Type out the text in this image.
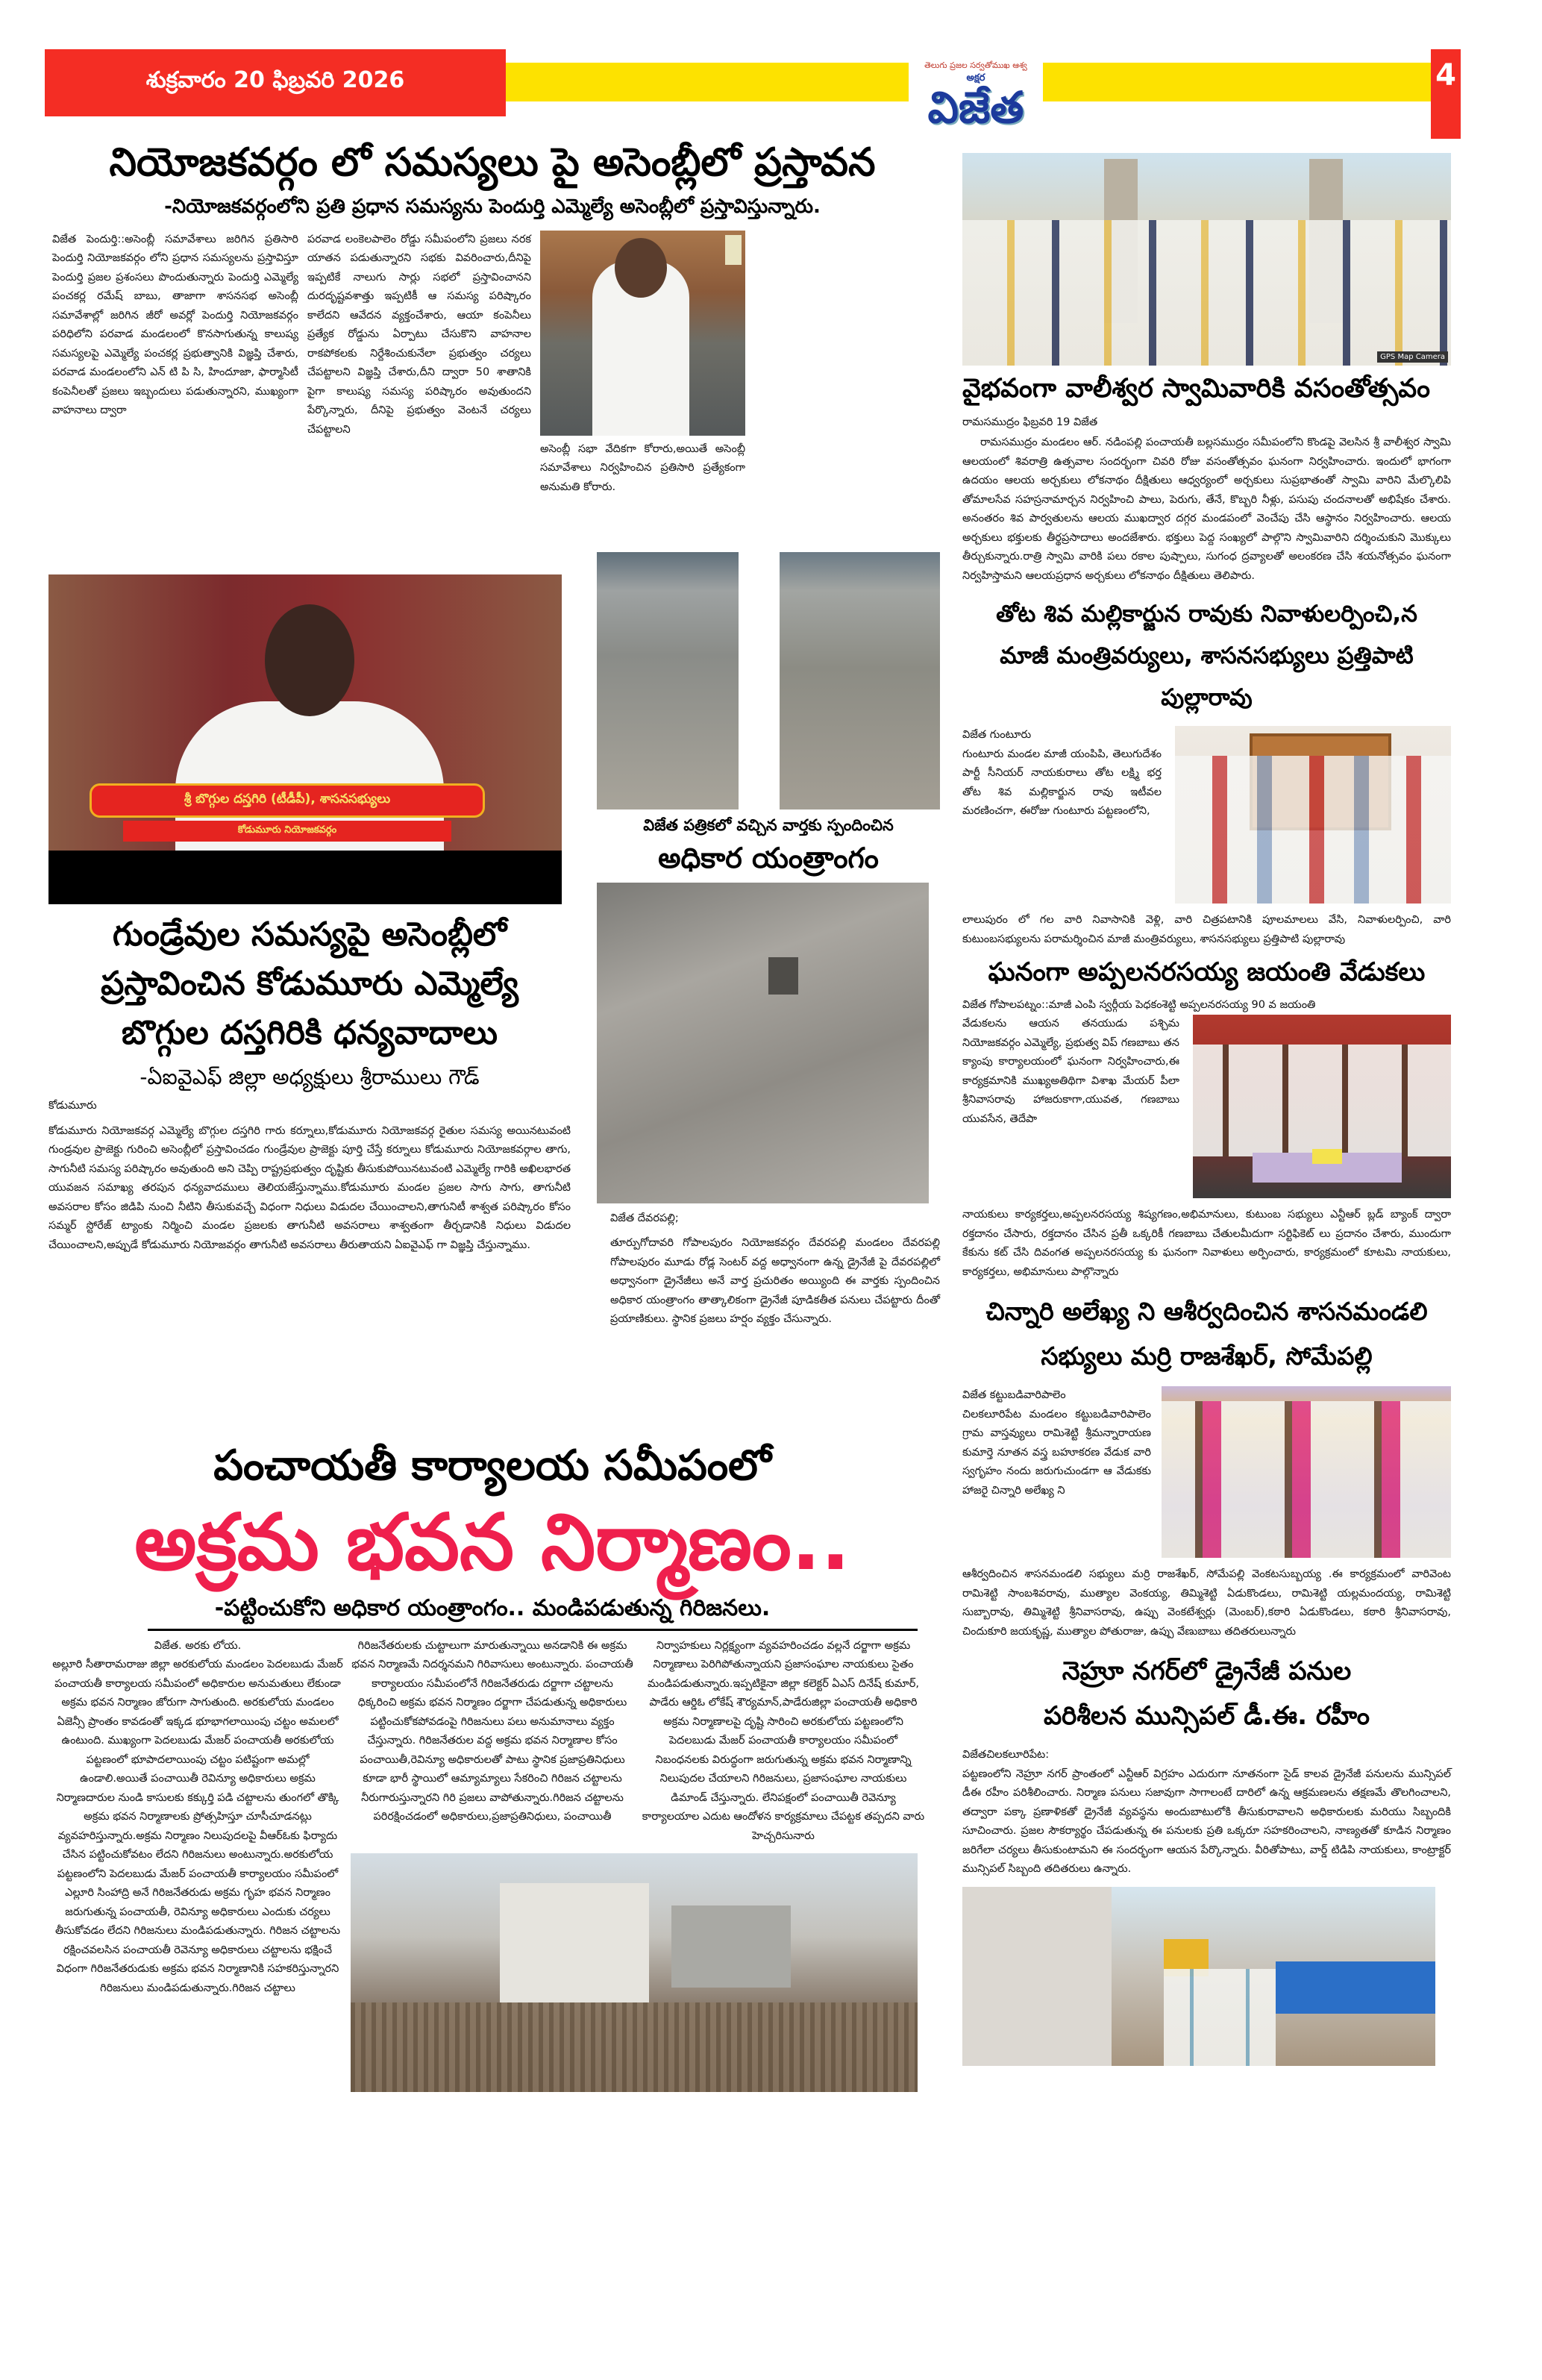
శుక్రవారం 20 ఫిబ్రవరి 2026
తెలుగు ప్రజల సర్వతోముఖ ఆశ్వ
అక్షర
విజేత
4
నియోజకవర్గం లో సమస్యలు పై అసెంబ్లీలో ప్రస్తావన
-నియోజకవర్గంలోని ప్రతి ప్రధాన సమస్యను పెందుర్తి ఎమ్మెల్యే అసెంబ్లీలో ప్రస్తావిస్తున్నారు.
విజేత పెందుర్తి::అసెంబ్లీ సమావేశాలు జరిగిన ప్రతిసారి పెందుర్తి నియోజకవర్గం లోని ప్రధాన సమస్యలను ప్రస్తావిస్తూ పెందుర్తి ప్రజల ప్రశంసలు పొందుతున్నారు పెందుర్తి ఎమ్మెల్యే పంచకర్ల రమేష్ బాబు, తాజాగా శాసనసభ అసెంబ్లీ సమావేశాల్లో జరిగిన జీరో అవర్లో పెందుర్తి నియోజకవర్గం పరిధిలోని పరవాడ మండలంలో కొనసాగుతున్న కాలుష్య సమస్యలపై ఎమ్మెల్యే పంచకర్ల ప్రభుత్వానికి విజ్ఞప్తి చేశారు, పరవాడ మండలంలోని ఎన్ టి పి సి, హిందూజా, ఫార్మాసిటీ కంపెనీలతో ప్రజలు ఇబ్బందులు పడుతున్నారని, ముఖ్యంగా వాహనాలు ద్వారా
పరవాడ లంకెలపాలెం రోడ్డు సమీపంలోని ప్రజలు నరక యాతన పడుతున్నారని సభకు వివరించారు,దీనిపై ఇప్పటికే నాలుగు సార్లు సభలో ప్రస్తావించానని దురదృష్టవశాత్తు ఇప్పటికీ ఆ సమస్య పరిష్కారం కాలేదని ఆవేదన వ్యక్తంచేశారు, ఆయా కంపెనీలు ప్రత్యేక రోడ్డును ఏర్పాటు చేసుకొని వాహనాల రాకపోకలకు నిర్దేశించుకునేలా ప్రభుత్వం చర్యలు చేపట్టాలని విజ్ఞప్తి చేశారు,దీని ద్వారా 50 శాతానికి పైగా కాలుష్య సమస్య పరిష్కారం అవుతుందని పేర్కొన్నారు, దీనిపై ప్రభుత్వం వెంటనే చర్యలు చేపట్టాలని
అసెంబ్లీ సభా వేదికగా కోరారు,అయితే అసెంబ్లీ సమావేశాలు నిర్వహించిన ప్రతిసారి ప్రత్యేకంగా అనుమతి కోరారు.
శ్రీ బొగ్గుల దస్తగిరి (టీడీపీ), శాసనసభ్యులు
కోడుమూరు నియోజకవర్గం
గుండ్రేవుల సమస్యపై అసెంబ్లీలో
ప్రస్తావించిన కోడుమూరు ఎమ్మెల్యే
బొగ్గుల దస్తగిరికి ధన్యవాదాలు
-ఏఐవైఎఫ్ జిల్లా అధ్యక్షులు శ్రీరాములు గౌడ్
కోడుమూరు
కోడుమూరు నియోజకవర్గ ఎమ్మెల్యే బొగ్గుల దస్తగిరి గారు కర్నూలు,కోడుమూరు నియోజకవర్గ రైతుల సమస్య అయినటువంటి గుండ్రవుల ప్రాజెక్టు గురించి అసెంబ్లీలో ప్రస్తావించడం గుండ్రేవుల ప్రాజెక్టు పూర్తి చేస్తే కర్నూలు కోడుమూరు నియోజకవర్గాల తాగు, సాగునీటి సమస్య పరిష్కారం అవుతుంది అని చెప్పి రాష్ట్రప్రభుత్వం దృష్టికు తీసుకుపోయినటువంటి ఎమ్మెల్యే గారికి అఖిలభారత యువజన సమాఖ్య తరపున ధన్యవాదములు తెలియజేస్తున్నాము.కోడుమూరు మండల ప్రజల సాగు సాగు, తాగునీటి అవసరాల కోసం జిడిపి నుంచి నీటిని తీసుకువచ్చే విధంగా నిధులు విడుదల చేయించాలని,తాగునిటీ శాశ్వత పరిష్కారం కోసం సమ్మర్ స్టోరేజ్ ట్యాంకు నిర్మించి మండల ప్రజలకు తాగునీటి అవసరాలు శాశ్వతంగా తీర్చడానికి నిధులు విడుదల చేయించాలని,అప్పుడే కోడుమూరు నియోజవర్గం తాగునీటి అవసరాలు తీరుతాయని ఏఐవైఎఫ్ గా విజ్ఞప్తి చేస్తున్నాము.
విజేత పత్రికలో వచ్చిన వార్తకు స్పందించిన
అధికార యంత్రాంగం
విజేత దేవరపల్లి;
తూర్పుగోదావరి గోపాలపురం నియోజకవర్గం దేవరపల్లి మండలం దేవరపల్లి గోపాలపురం మూడు రోడ్ల సెంటర్ వద్ద అధ్వానంగా ఉన్న డ్రైనేజీ పై దేవరపల్లిలో అధ్వానంగా డ్రైనేజీలు అనే వార్త ప్రచురితం అయ్యింది ఈ వార్తకు స్పందించిన అధికార యంత్రాంగం తాత్కాలికంగా డ్రైనేజీ పూడికతీత పనులు చేపట్టారు దీంతో ప్రయాణికులు. స్థానిక ప్రజలు హర్షం వ్యక్తం చేసున్నారు.
GPS Map Camera
వైభవంగా వాలీశ్వర స్వామివారికి వసంతోత్సవం
రామసముద్రం ఫిబ్రవరి 19 విజేత
రామసముద్రం మండలం ఆర్. నడింపల్లి పంచాయతీ బల్లసముద్రం సమీపంలోని కొండపై వెలసిన శ్రీ వాలీశ్వర స్వామి ఆలయంలో శివరాత్రి ఉత్సవాల సందర్భంగా చివరి రోజు వసంతోత్సవం ఘనంగా నిర్వహించారు. ఇందులో భాగంగా ఉదయం ఆలయ అర్చకులు లోకనాథం దీక్షితులు ఆధ్వర్యంలో అర్చకులు సుప్రభాతంతో స్వామి వారిని మేల్కొలిపి తోమాలసేవ సహస్రనామార్చన నిర్వహించి పాలు, పెరుగు, తేనే, కొబ్బరి నీళ్లు, పసుపు చందనాలతో అభిషేకం చేశారు. అనంతరం శివ పార్వతులను ఆలయ ముఖద్వార దగ్గర మండపంలో వెంచేపు చేసి ఆస్థానం నిర్వహించారు. ఆలయ అర్చకులు భక్తులకు తీర్థప్రసాదాలు అందజేశారు. భక్తులు పెద్ద సంఖ్యలో పాల్గొని స్వామివారిని దర్శించుకుని మొక్కులు తీర్చుకున్నారు.రాత్రి స్వామి వారికి పలు రకాల పుష్పాలు, సుగంధ ద్రవ్యాలతో అలంకరణ చేసి శయనోత్సవం ఘనంగా నిర్వహిస్తామని ఆలయప్రధాన అర్చకులు లోకనాథం దీక్షితులు తెలిపారు.
తోట శివ మల్లికార్జున రావుకు నివాళులర్పించి,న
మాజీ మంత్రివర్యులు, శాసనసభ్యులు ప్రత్తిపాటి
పుల్లారావు
విజేత గుంటూరు
గుంటూరు మండల మాజీ యంపిపి, తెలుగుదేశం పార్టీ సీనియర్ నాయకురాలు తోట లక్ష్మి భర్త తోట శివ మల్లికార్జున రావు ఇటీవల మరణించగా, ఈరోజు గుంటూరు పట్టణంలోని,
లాలుపురం లో గల వారి నివాసానికి వెళ్లి, వారి చిత్రపటానికి పూలమాలలు వేసి, నివాళులర్పించి, వారి కుటుంబసభ్యులను పరామర్శించిన మాజీ మంత్రివర్యులు, శాసనసభ్యులు ప్రత్తిపాటి పుల్లారావు
ఘనంగా అప్పలనరసయ్య జయంతి వేడుకలు
విజేత గోపాలపట్నం::మాజీ ఎంపి స్వర్గీయ పెధకంశెట్టి అప్పలనరసయ్య 90 వ జయంతి
వేడుకలను ఆయన తనయుడు పశ్చిమ నియోజకవర్గం ఎమ్మెల్యే, ప్రభుత్వ విప్ గణబాబు తన క్యాంపు కార్యాలయంలో ఘనంగా నిర్వహించారు,ఈ కార్యక్రమానికి ముఖ్యఅతిథిగా విశాఖ మేయర్ పీలా శ్రీనివాసరావు హాజరుకాగా,యువత, గణబాబు యువసేన, తెదేపా
నాయకులు కార్యకర్తలు,అప్పలనరసయ్య శిష్యగణం,అభిమానులు, కుటుంబ సభ్యులు ఎన్టీఆర్ బ్లడ్ బ్యాంక్ ద్వారా రక్తదానం చేసారు, రక్తదానం చేసిన ప్రతీ ఒక్కరికీ గణబాబు చేతులమీదుగా సర్టిఫికెట్ లు ప్రదానం చేశారు, ముందుగా కేకును కట్ చేసి దివంగత అప్పలనరసయ్య కు ఘనంగా నివాళులు అర్పించారు, కార్యక్రమంలో కూటమి నాయకులు, కార్యకర్తలు, అభిమానులు పాల్గొన్నారు
చిన్నారి అలేఖ్య ని ఆశీర్వదించిన శాసనమండలి
సభ్యులు మర్రి రాజశేఖర్, సోమేపల్లి
విజేత కట్టుబడివారిపాలెం
చిలకలూరిపేట మండలం కట్టుబడివారిపాలెం గ్రామ వాస్తవ్యులు రామిశెట్టి శ్రీమన్నారాయణ కుమార్తె నూతన వస్త్ర బహూకరణ వేడుక వారి స్వగృహం నందు జరుగుచుండగా ఆ వేడుకకు హాజరై చిన్నారి అలేఖ్య ని
ఆశీర్వదించిన శాసనమండలి సభ్యులు మర్రి రాజశేఖర్, సోమేపల్లి వెంకటసుబ్బయ్య .ఈ కార్యక్రమంలో వారివెంట రామిశెట్టి సాంబశివరావు, ముత్యాల వెంకయ్య, తిమ్మిశెట్టి ఏడుకొండలు, రామిశెట్టి యల్లమందయ్య, రామిశెట్టి సుబ్బారావు, తిమ్మిశెట్టి శ్రీనివాసరావు, ఉప్పు వెంకటేశ్వర్లు (మెంబర్),కఠారి ఏడుకొండలు, కఠారి శ్రీనివాసరావు, చిందుకూరి జయకృష్ణ, ముత్యాల పోతురాజు, ఉప్పు వేణుబాబు తదితరులున్నారు
నెహ్రూ నగర్‌లో డ్రైనేజీ పనుల
పరిశీలన మున్సిపల్ డీ.ఈ. రహీం
విజేతచిలకలూరిపేట:
పట్టణంలోని నెహ్రూ నగర్ ప్రాంతంలో ఎన్టీఆర్ విగ్రహం ఎదురుగా నూతనంగా సైడ్ కాలవ డ్రైనేజీ పనులను మున్సిపల్ డీఈ రహీం పరిశీలించారు. నిర్మాణ పనులు సజావుగా సాగాలంటే దారిలో ఉన్న ఆక్రమణలను తక్షణమే తొలగించాలని, తద్వారా పక్కా ప్రణాళికతో డ్రైనేజీ వ్యవస్థను అందుబాటులోకి తీసుకురావాలని అధికారులకు మరియు సిబ్బందికి సూచించారు. ప్రజల సౌకర్యార్థం చేపడుతున్న ఈ పనులకు ప్రతి ఒక్కరూ సహకరించాలని, నాణ్యతతో కూడిన నిర్మాణం జరిగేలా చర్యలు తీసుకుంటామని ఈ సందర్భంగా ఆయన పేర్కొన్నారు. వీరితోపాటు, వార్డ్ టిడిపి నాయకులు, కాంట్రాక్టర్ మున్సిపల్ సిబ్బంది తదితరులు ఉన్నారు.
పంచాయతీ కార్యాలయ సమీపంలో
అక్రమ భవన నిర్మాణం..
-పట్టించుకోని అధికార యంత్రాంగం.. మండిపడుతున్న గిరిజనలు.
విజేత. అరకు లోయ.
అల్లూరి సీతారామరాజు జిల్లా అరకులోయ మండలం పెదలబుడు మేజర్ పంచాయతీ కార్యాలయ సమీపంలో అధికారుల అనుమతులు లేకుండా అక్రమ భవన నిర్మాణం జోరుగా సాగుతుంది. అరకులోయ మండలం ఏజెన్సీ ప్రాంతం కావడంతో ఇక్కడ భూభాగలాయింపు చట్టం అమలలో ఉంటుంది. ముఖ్యంగా పెదలబుడు మేజర్ పంచాయతీ అరకులోయ పట్టణంలో భూపాదలాయింపు చట్టం పటిష్టంగా అమల్లో ఉండాలి.అయితే పంచాయితీ రెవిన్యూ అధికారులు అక్రమ నిర్మాణదారుల నుండి కాసులకు కక్కుర్తి పడి చట్టాలను తుంగలో తొక్కి అక్రమ భవన నిర్మాణాలకు ప్రోత్సహిస్తూ చూసీచూడనట్లు వ్యవహరిస్తున్నారు.అక్రమ నిర్మాణం నిలుపుదలపై వీఆర్‌ఓకు ఫిర్యాదు చేసిన పట్టించుకోవటం లేదని గిరిజనులు అంటున్నారు.అరకులోయ పట్టణంలోని పెదలబుడు మేజర్ పంచాయతీ కార్యాలయం సమీపంలో ఎల్లూరి సింహాద్రి అనే గిరిజనేతరుడు అక్రమ గృహ భవన నిర్మాణం జరుగుతున్న పంచాయతీ, రెవిన్యూ అధికారులు ఎందుకు చర్యలు తీసుకోవడం లేదని గిరిజనులు మండిపడుతున్నారు. గిరిజన చట్టాలను రక్షించవలసిన పంచాయతీ రెవెన్యూ అధికారులు చట్టాలను భక్షించే విధంగా గిరిజనేతరుడుకు అక్రమ భవన నిర్మాణానికి సహకరిస్తున్నారని గిరిజనులు మండిపడుతున్నారు.గిరిజన చట్టాలు
గిరిజనేతరులకు చుట్టాలుగా మారుతున్నాయి అనడానికి ఈ అక్రమ భవన నిర్మాణమే నిదర్శనమని గిరివాసులు అంటున్నారు. పంచాయతీ కార్యాలయం సమీపంలోనే గిరిజనేతరుడు దర్జాగా చట్టాలను ధిక్కరించి అక్రమ భవన నిర్మాణం దర్జాగా చేపడుతున్న అధికారులు పట్టించుకోకపోవడంపై గిరిజనులు పలు అనుమానాలు వ్యక్తం చేస్తున్నారు. గిరిజనేతరుల వద్ద అక్రమ భవన నిర్మాణాల కోసం పంచాయితీ,రెవిన్యూ అధికారులతో పాటు స్థానిక ప్రజాప్రతినిధులు కూడా భారీ స్థాయిలో ఆమ్యామ్యాలు సేకరించి గిరిజన చట్టాలను నీరుగారుస్తున్నారని గిరి ప్రజలు వాపోతున్నారు.గిరిజన చట్టాలను పరిరక్షించడంలో అధికారులు,ప్రజాప్రతినిధులు, పంచాయితీ
నిర్వాహకులు నిర్లక్ష్యంగా వ్యవహరించడం వల్లనే దర్జాగా అక్రమ నిర్మాణాలు పెరిగిపోతున్నాయని ప్రజాసంఘాల నాయకులు సైతం మండిపడుతున్నారు.ఇప్పటికైనా జిల్లా కలెక్టర్ ఏఎస్ దినేష్ కుమార్, పాడేరు ఆర్డిఓ లోకేష్ శౌర్యమాన్,పాడేరుజిల్లా పంచాయతీ అధికారి అక్రమ నిర్మాణాలపై దృష్టి సారించి అరకులోయ పట్టణంలోని పెదలబుడు మేజర్ పంచాయతీ కార్యాలయం సమీపంలో నిబంధనలకు విరుద్ధంగా జరుగుతున్న అక్రమ భవన నిర్మాణాన్ని నిలుపుదల చేయాలని గిరిజనులు, ప్రజాసంఘాల నాయకులు డిమాండ్ చేస్తున్నారు. లేనిపక్షంలో పంచాయితీ రెవెన్యూ కార్యాలయాల ఎదుట ఆందోళన కార్యక్రమాలు చేపట్టక తప్పదని వారు హెచ్చరిసునారు
